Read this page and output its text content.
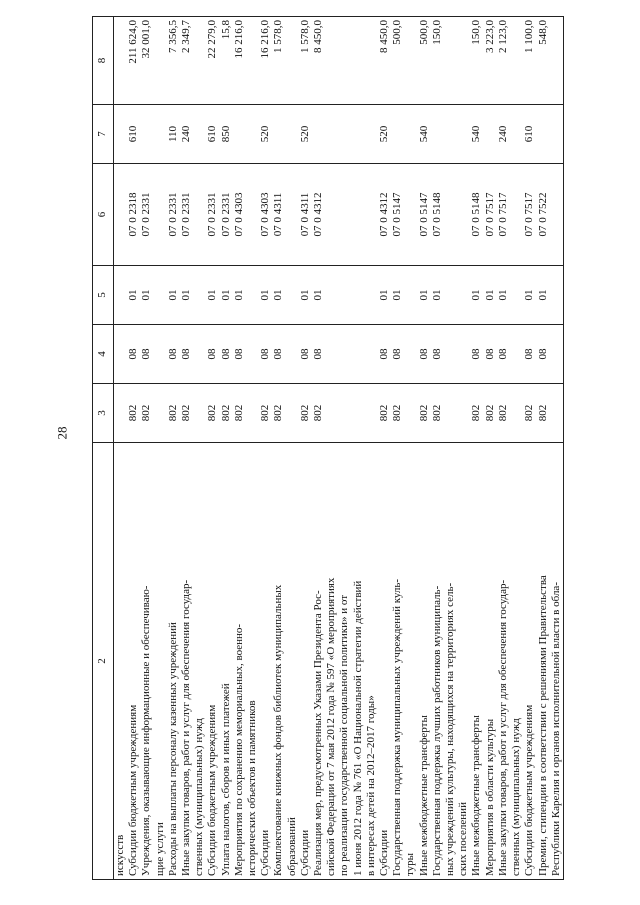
28
2	3	4	5	6	7	8
искусств						
Субсидии бюджетным учреждениям	802	08	01	07 0 2318	610	211 624,0
Учреждения, оказывающие информационные и обеспечиваю-	802	08	01	07 0 2331		32 001,0
щие услуги						
Расходы на выплаты персоналу казенных учреждений	802	08	01	07 0 2331	110	7 356,5
Иные закупки товаров, работ и услуг для обеспечения государ-	802	08	01	07 0 2331	240	2 349,7
ственных (муниципальных) нужд						
Субсидии бюджетным учреждениям	802	08	01	07 0 2331	610	22 279,0
Уплата налогов, сборов и иных платежей	802	08	01	07 0 2331	850	15,8
Мероприятия по сохранению мемориальных, военно-	802	08	01	07 0 4303		16 216,0
исторических объектов и памятников						
Субсидии	802	08	01	07 0 4303	520	16 216,0
Комплектование книжных фондов библиотек муниципальных	802	08	01	07 0 4311		1 578,0
образований						
Субсидии	802	08	01	07 0 4311	520	1 578,0
Реализация мер, предусмотренных Указами Президента Рос-	802	08	01	07 0 4312		8 450,0
сийской Федерации от 7 мая 2012 года № 597 «О мероприятиях						
по реализации государственной социальной политики» и от						
1 июня 2012 года № 761 «О Национальной стратегии действий						
в интересах детей на 2012–2017 годы»						
Субсидии	802	08	01	07 0 4312	520	8 450,0
Государственная поддержка муниципальных учреждений куль-	802	08	01	07 0 5147		500,0
туры						
Иные межбюджетные трансферты	802	08	01	07 0 5147	540	500,0
Государственная поддержка лучших работников муниципаль-	802	08	01	07 0 5148		150,0
ных учреждений культуры, находящихся на территориях сель-						
ских поселений						
Иные межбюджетные трансферты	802	08	01	07 0 5148	540	150,0
Мероприятия в области культуры	802	08	01	07 0 7517		3 223,0
Иные закупки товаров, работ и услуг для обеспечения государ-	802	08	01	07 0 7517	240	2 123,0
ственных (муниципальных) нужд						
Субсидии бюджетным учреждениям	802	08	01	07 0 7517	610	1 100,0
Премии, стипендии в соответствии с решениями Правительства	802	08	01	07 0 7522		548,0
Республики Карелия и органов исполнительной власти в обла-						
